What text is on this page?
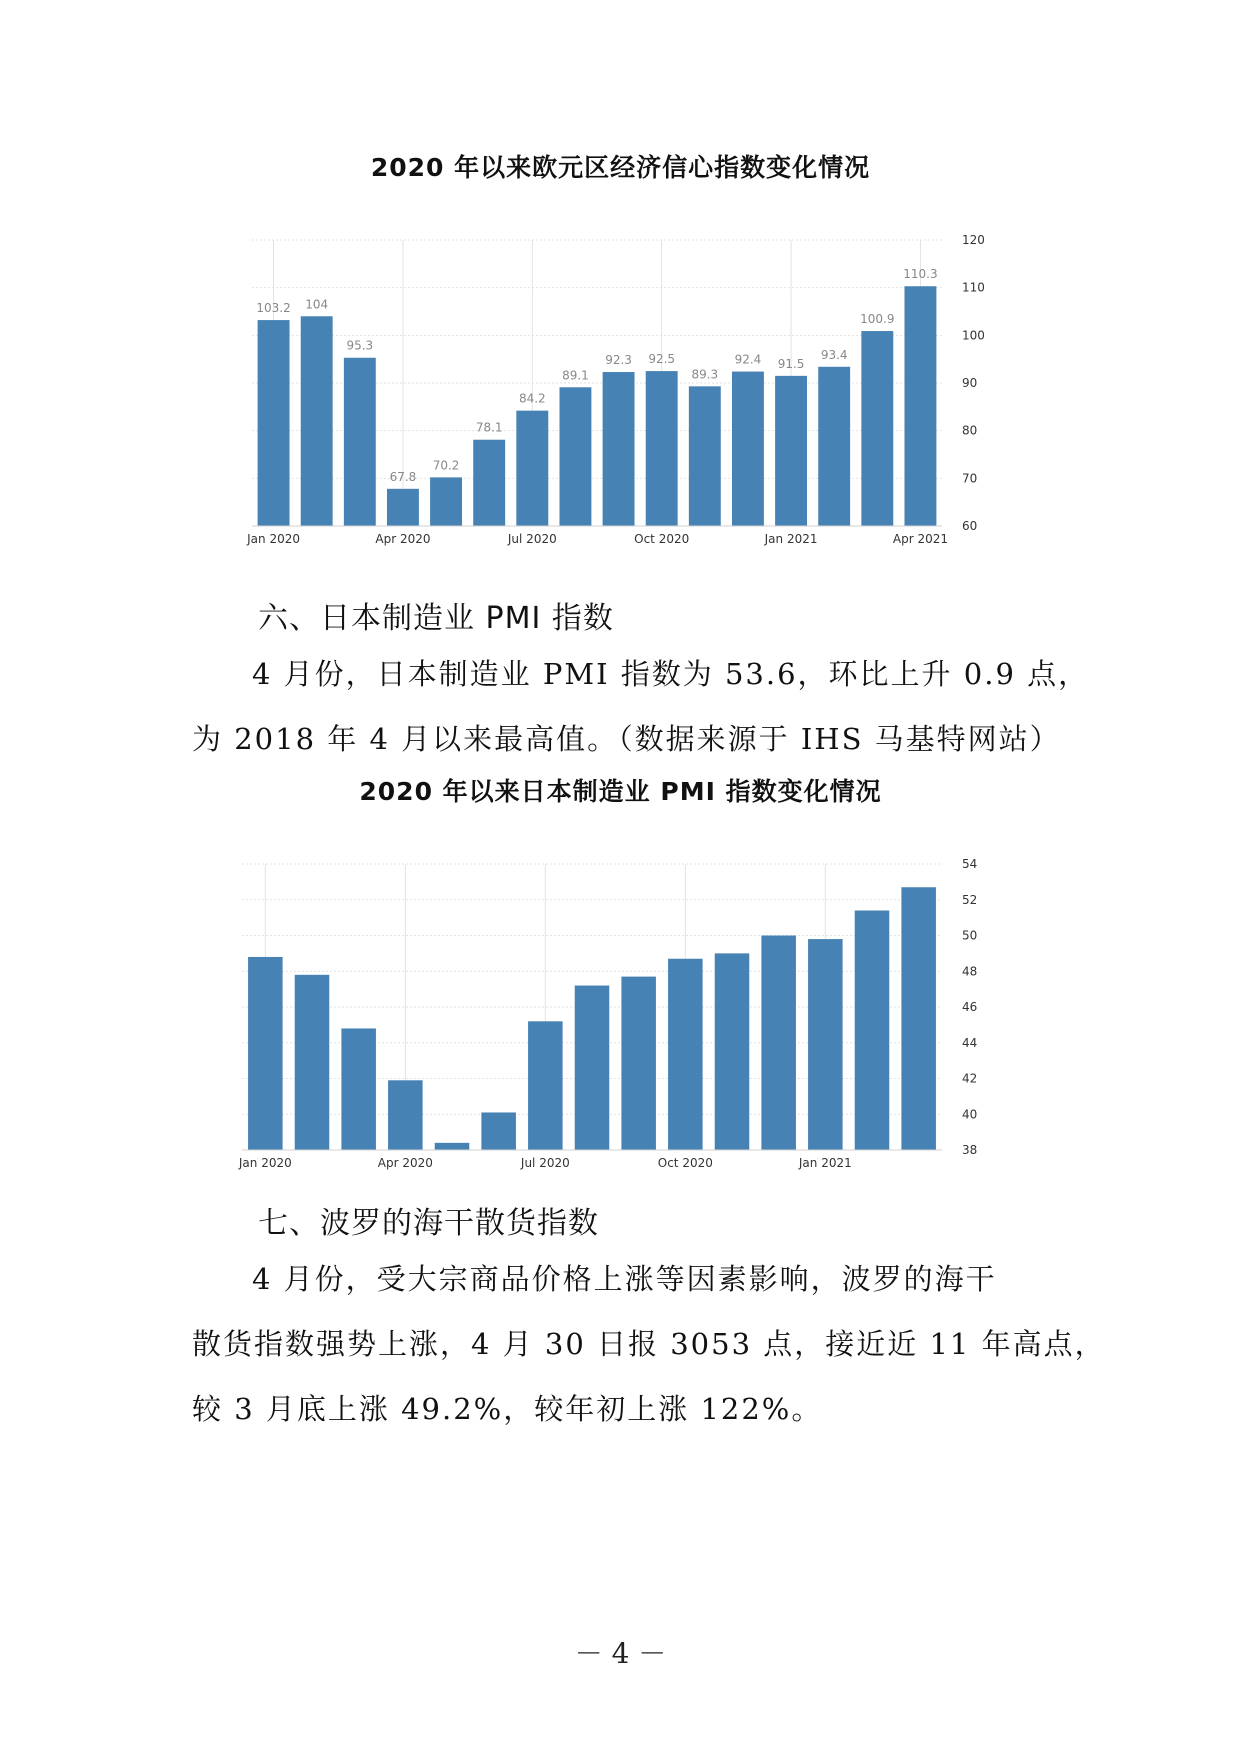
2020 年以来欧元区经济信心指数变化情况
60
70
80
90
100
110
120
Jan 2020	Apr 2020	Jul 2020	Oct 2020	Jan 2021	Apr 2021
103.2 104
95.3
67.8
70.2
78.1
84.2
89.1
92.3 92.5
89.3
92.4 91.5
93.4
100.9
110.3
六、日本制造业 PMI 指数
4 月份，日本制造业 PMI 指数为 53.6，环比上升 0.9 点，
为 2018 年 4 月以来最高值。（数据来源于 IHS 马基特网站）
2020 年以来日本制造业 PMI 指数变化情况
38
40
42
44
46
48
50
52
54
Jan 2020	Apr 2020	Jul 2020	Oct 2020	Jan 2021
七、波罗的海干散货指数
4 月份，受大宗商品价格上涨等因素影响，波罗的海干
散货指数强势上涨，4 月 30 日报 3053 点，接近近 11 年高点，
较 3 月底上涨 49.2%，较年初上涨 122%。
－ 4 －
